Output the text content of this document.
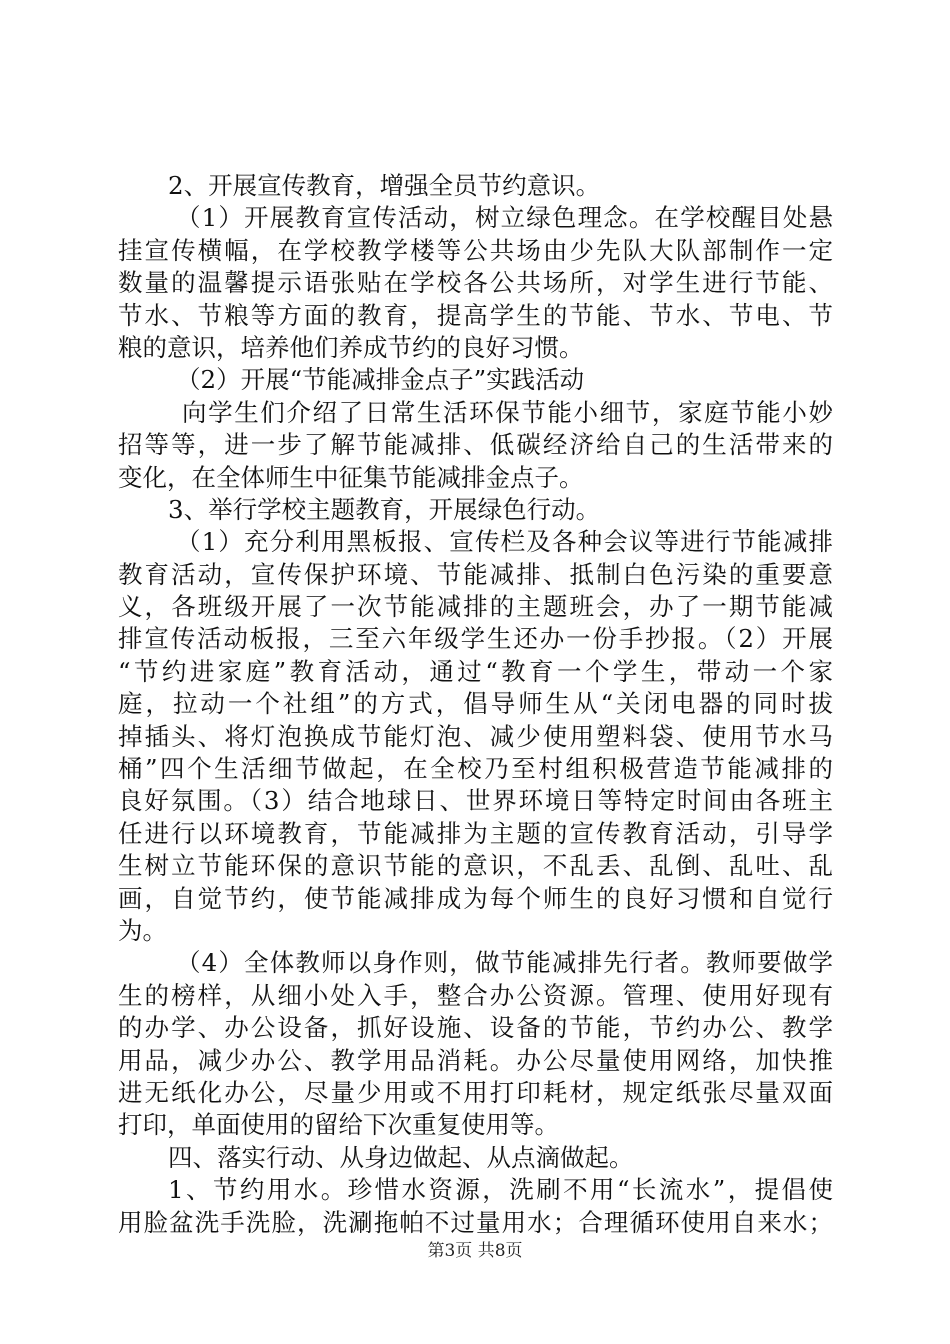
2、开展宣传教育，增强全员节约意识。
（1）开展教育宣传活动，树立绿色理念。在学校醒目处悬
挂宣传横幅，在学校教学楼等公共场由少先队大队部制作一定
数量的温馨提示语张贴在学校各公共场所，对学生进行节能、
节水、节粮等方面的教育，提高学生的节能、节水、节电、节
粮的意识，培养他们养成节约的良好习惯。
（2）开展“节能减排金点子”实践活动
向学生们介绍了日常生活环保节能小细节，家庭节能小妙
招等等，进一步了解节能减排、低碳经济给自己的生活带来的
变化，在全体师生中征集节能减排金点子。
3、举行学校主题教育，开展绿色行动。
（1）充分利用黑板报、宣传栏及各种会议等进行节能减排
教育活动，宣传保护环境、节能减排、抵制白色污染的重要意
义，各班级开展了一次节能减排的主题班会，办了一期节能减
排宣传活动板报，三至六年级学生还办一份手抄报。（2）开展
“节约进家庭”教育活动，通过“教育一个学生，带动一个家
庭，拉动一个社组”的方式，倡导师生从“关闭电器的同时拔
掉插头、将灯泡换成节能灯泡、减少使用塑料袋、使用节水马
桶”四个生活细节做起，在全校乃至村组积极营造节能减排的
良好氛围。（3）结合地球日、世界环境日等特定时间由各班主
任进行以环境教育，节能减排为主题的宣传教育活动，引导学
生树立节能环保的意识节能的意识，不乱丢、乱倒、乱吐、乱
画，自觉节约，使节能减排成为每个师生的良好习惯和自觉行
为。
（4）全体教师以身作则，做节能减排先行者。教师要做学
生的榜样，从细小处入手，整合办公资源。管理、使用好现有
的办学、办公设备，抓好设施、设备的节能，节约办公、教学
用品，减少办公、教学用品消耗。办公尽量使用网络，加快推
进无纸化办公，尽量少用或不用打印耗材，规定纸张尽量双面
打印，单面使用的留给下次重复使用等。
四、落实行动、从身边做起、从点滴做起。
1、节约用水。珍惜水资源，洗刷不用“长流水”，提倡使
用脸盆洗手洗脸，洗涮拖帕不过量用水；合理循环使用自来水；
第3页 共8页
